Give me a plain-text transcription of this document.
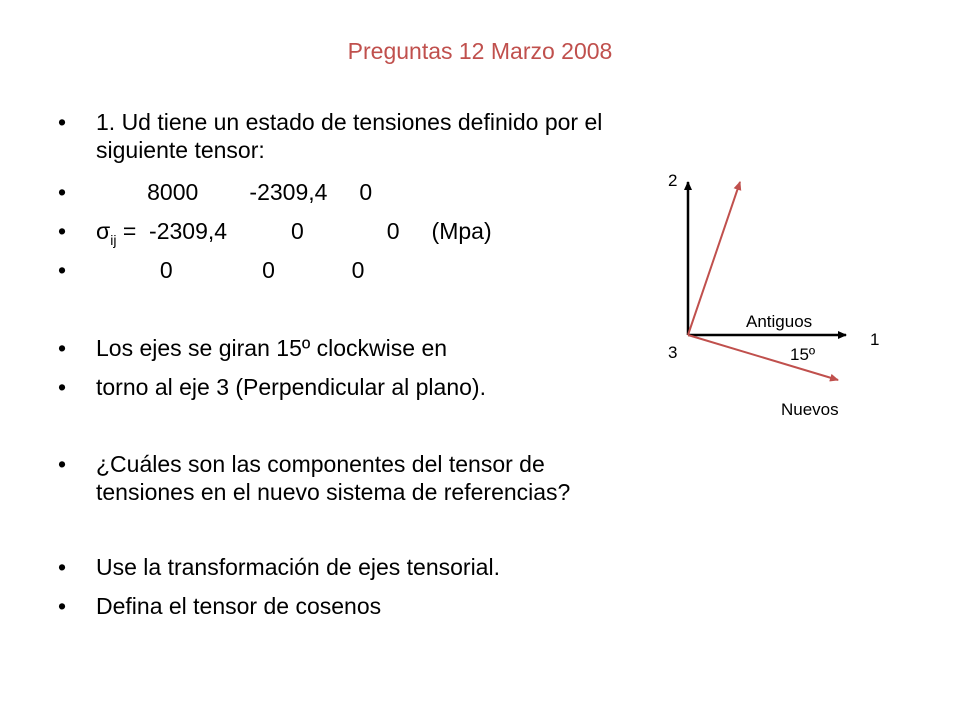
Preguntas 12 Marzo 2008
• 1. Ud tiene un estado de tensiones definido por el siguiente tensor:
• 8000        -2309,4     0
• $\sigma_{ij} = -2309,4$          0             0     (Mpa)
• 0              0            0
• Los ejes se giran 15º clockwise en
• torno al eje 3 (Perpendicular al plano).
• ¿Cuáles son las componentes del tensor de tensiones en el nuevo sistema de referencias?
• Use la transformación de ejes tensorial.
• Defina el tensor de cosenos
2
Antiguos
1
3	15º
Nuevos
